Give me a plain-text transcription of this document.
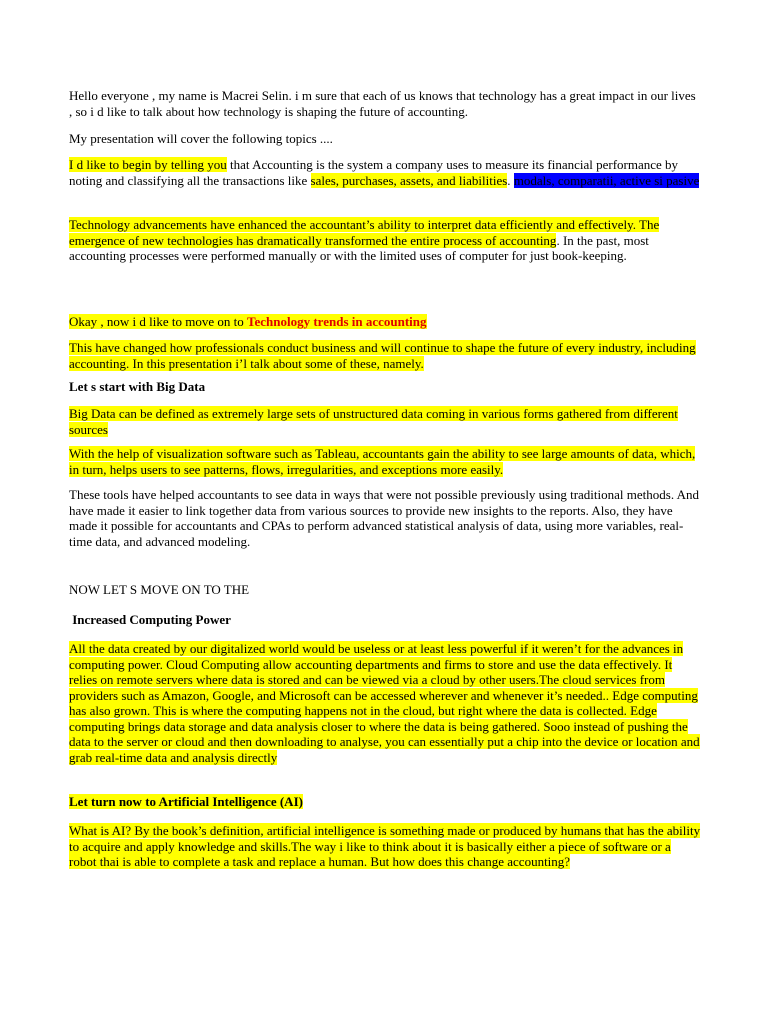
Hello everyone , my name is Macrei Selin. i m sure that each of us knows that technology has a great impact in our lives , so i d like to talk about how technology is shaping the future of accounting.

My presentation will cover the following topics ....

I d like to begin by telling you that Accounting is the system a company uses to measure its financial performance by noting and classifying all the transactions like sales, purchases, assets, and liabilities. modals, comparatii, active si pasive

Technology advancements have enhanced the accountant’s ability to interpret data efficiently and effectively. The emergence of new technologies has dramatically transformed the entire process of accounting. In the past, most accounting processes were performed manually or with the limited uses of computer for just book-keeping.

Okay , now i d like to move on to Technology trends in accounting

This have changed how professionals conduct business and will continue to shape the future of every industry, including accounting. In this presentation i’l talk about some of these, namely.

Let s start with Big Data

Big Data can be defined as extremely large sets of unstructured data coming in various forms gathered from different sources

With the help of visualization software such as Tableau, accountants gain the ability to see large amounts of data, which, in turn, helps users to see patterns, flows, irregularities, and exceptions more easily.

These tools have helped accountants to see data in ways that were not possible previously using traditional methods. And have made it easier to link together data from various sources to provide new insights to the reports. Also, they have made it possible for accountants and CPAs to perform advanced statistical analysis of data, using more variables, real-time data, and advanced modeling.

NOW LET S MOVE ON TO THE

Increased Computing Power

All the data created by our digitalized world would be useless or at least less powerful if it weren’t for the advances in computing power. Cloud Computing allow accounting departments and firms to store and use the data effectively. It relies on remote servers where data is stored and can be viewed via a cloud by other users.The cloud services from providers such as Amazon, Google, and Microsoft can be accessed wherever and whenever it’s needed.. Edge computing has also grown. This is where the computing happens not in the cloud, but right where the data is collected. Edge computing brings data storage and data analysis closer to where the data is being gathered. Sooo instead of pushing the data to the server or cloud and then downloading to analyse, you can essentially put a chip into the device or location and grab real-time data and analysis directly

Let turn now to Artificial Intelligence (AI)

What is AI? By the book’s definition, artificial intelligence is something made or produced by humans that has the ability to acquire and apply knowledge and skills.The way i like to think about it is basically either a piece of software or a robot thai is able to complete a task and replace a human. But how does this change accounting?
